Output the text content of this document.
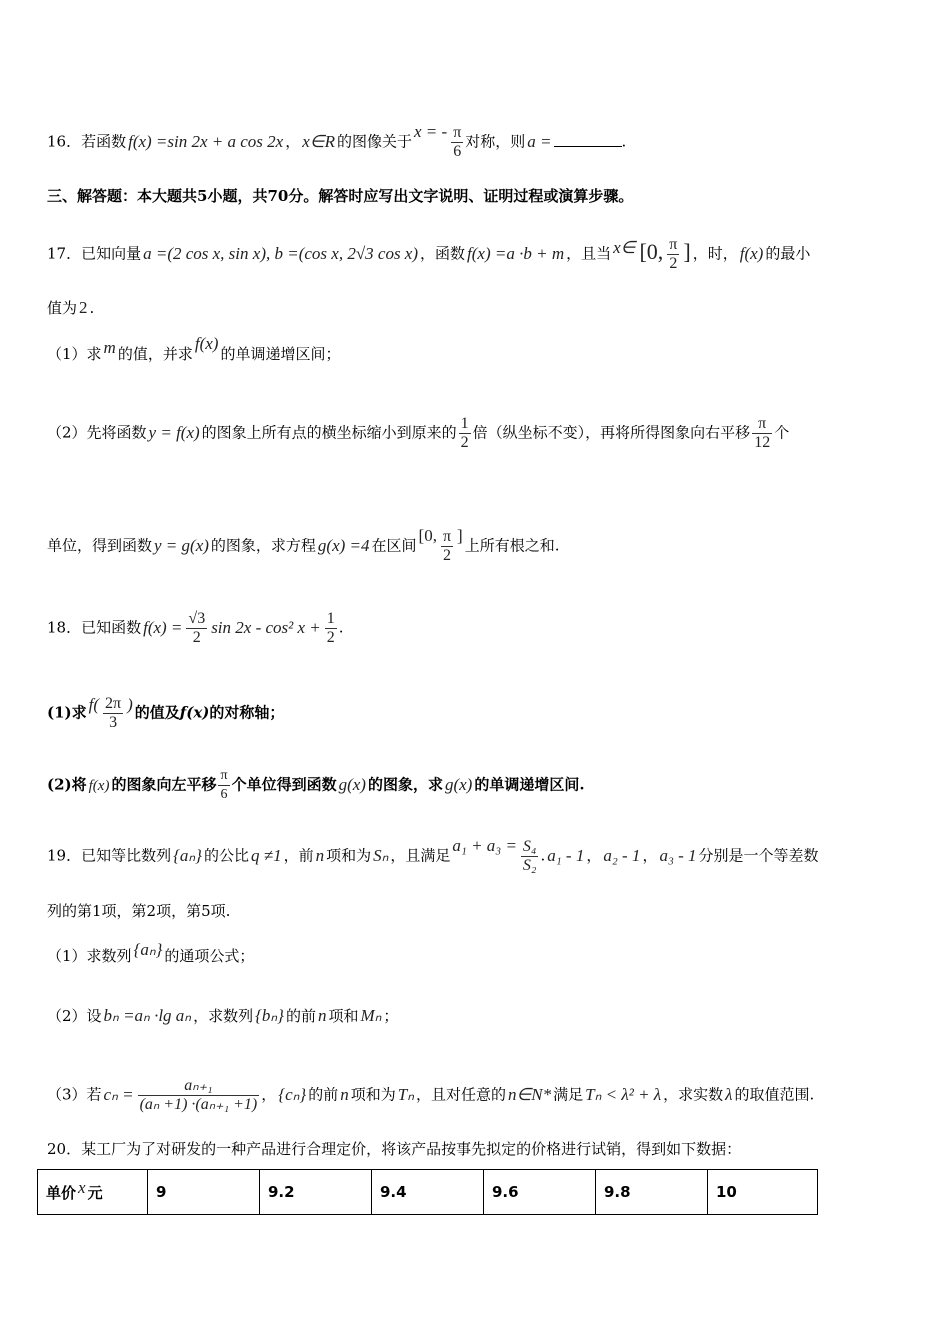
16．若函数 f(x) =sin 2x + a cos 2x ， x∈R 的图像关于x = - $\frac{\pi}{6}$ 对称，则 a =	.
三、解答题：本大题共5小题，共70分。解答时应写出文字说明、证明过程或演算步骤。
17．已知向量 a =(2 cos x, sin x), b =(cos x, 2√3 cos x) ，函数 f(x) =a ·b + m ，且当 x∈ [0, $\frac{\pi}{2}$ ] ，时， f(x) 的最小
值为 2 .
（1）求 m 的值，并求f(x)的单调递增区间；
（2）先将函数 y = f(x) 的图象上所有点的横坐标缩小到原来的 $\frac{1}{2}$ 倍（纵坐标不变），再将所得图象向右平移 $\frac{\pi}{12}$ 个
单位，得到函数 y = g(x) 的图象，求方程 g(x) =4 在区间[0, $\frac{\pi}{2}$ ]上所有根之和.
18．已知函数 $f(x) = \frac{√3}{2}$ sin 2x - cos² $x + \frac{1}{2}$ .
(1)求 $f( \frac{2\pi}{3}$ ) 的值及f(x)的对称轴；
(2)将 f(x) 的图象向左平移 $\frac{\pi}{6}$ 个单位得到函数 g(x) 的图象，求 g(x) 的单调递增区间.
19．已知等比数列 {aₙ} 的公比 q ≠1 ，前 n 项和为 Sₙ ，且满足$a_1 + a_3 = \frac{\text{S₄}}{\text{S₂}}$ . a₁ - 1 ， a₂ - 1 ， a₃ - 1 分别是一个等差数
列的第1项，第2项，第5项.
（1）求数列 {aₙ} 的通项公式；
（2）设 bₙ =aₙ ·lg aₙ ，求数列 {bₙ} 的前 n 项和 Mₙ ；
（3）若 $c_n = \frac{\text{aₙ₊₁}}{\text{(aₙ +1) ·(aₙ₊₁ +1)}}$ ， {cₙ} 的前 n 项和为 Tₙ ，且对任意的 n∈N* 满足 Tₙ < λ² + λ ，求实数 λ 的取值范围.
20．某工厂为了对研发的一种产品进行合理定价，将该产品按事先拟定的价格进行试销，得到如下数据：
单价 x 元	9	9.2	9.4	9.6	9.8	10
